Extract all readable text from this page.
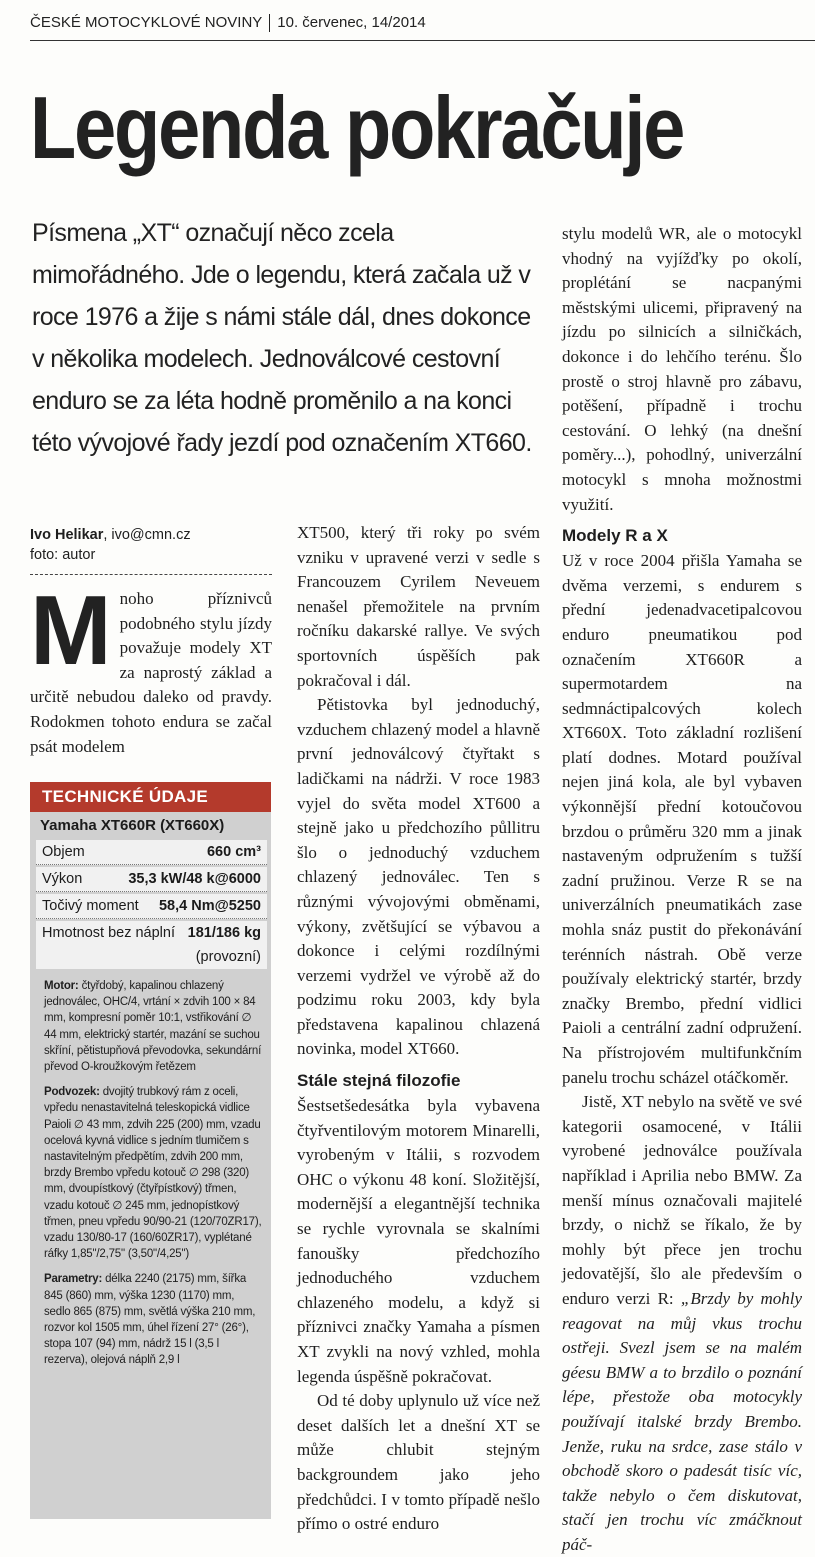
ČESKÉ MOTOCYKLOVÉ NOVINY 10. červenec, 14/2014
Legenda pokračuje
Písmena „XT“ označují něco zcela mimořádného. Jde o legendu, která začala už v roce 1976 a žije s námi stále dál, dnes dokonce v několika modelech. Jednoválcové cestovní enduro se za léta hodně proměnilo a na konci této vývojové řady jezdí pod označením XT660.
Ivo Helikar, ivo@cmn.cz
foto: autor

Mnoho příznivců podobného stylu jízdy považuje modely XT za naprostý základ a určitě nebudou daleko od pravdy. Rodokmen tohoto endura se začal psát modelem

TECHNICKÉ ÚDAJE
Yamaha XT660R (XT660X)
Objem	660 cm³
Výkon	35,3 kW/48 k@6000
Točivý moment 58,4 Nm@5250
Hmotnost bez náplní 181/186 kg
(provozní)
Motor: čtyřdobý, kapalinou chlazený jednoválec, OHC/4, vrtání × zdvih 100 × 84 mm, kompresní poměr 10:1, vstřikování ∅ 44 mm, elektrický startér, mazání se suchou skříní, pětistupňová převodovka, sekundární převod O-kroužkovým řetězem
Podvozek: dvojitý trubkový rám z oceli, vpředu nenastavitelná teleskopická vidlice Paioli ∅ 43 mm, zdvih 225 (200) mm, vzadu ocelová kyvná vidlice s jedním tlumičem s nastavitelným předpětím, zdvih 200 mm, brzdy Brembo vpředu kotouč ∅ 298 (320) mm, dvoupístkový (čtyřpístkový) třmen, vzadu kotouč ∅ 245 mm, jednopístkový třmen, pneu vpředu 90/90-21 (120/70ZR17), vzadu 130/80-17 (160/60ZR17), vyplétané ráfky 1,85"/2,75" (3,50"/4,25")
Parametry: délka 2240 (2175) mm, šířka 845 (860) mm, výška 1230 (1170) mm, sedlo 865 (875) mm, světlá výška 210 mm, rozvor kol 1505 mm, úhel řízení 27° (26°), stopa 107 (94) mm, nádrž 15 l (3,5 l rezerva), olejová náplň 2,9 l

XT500, který tři roky po svém vzniku v upravené verzi v sedle s Francouzem Cyrilem Neveuem nenašel přemožitele na prvním ročníku dakarské rallye. Ve svých sportovních úspěších pak pokračoval i dál.

Pětistovka byl jednoduchý, vzduchem chlazený model a hlavně první jednoválcový čtyřtakt s ladičkami na nádrži. V roce 1983 vyjel do světa model XT600 a stejně jako u předchozího půllitru šlo o jednoduchý vzduchem chlazený jednoválec. Ten s různými vývojovými obměnami, výkony, zvětšující se výbavou a dokonce i celými rozdílnými verzemi vydržel ve výrobě až do podzimu roku 2003, kdy byla představena kapalinou chlazená novinka, model XT660.

Stále stejná filozofie

Šestsetšedesátka byla vybavena čtyřventilovým motorem Minarelli, vyrobeným v Itálii, s rozvodem OHC o výkonu 48 koní. Složitější, modernější a elegantnější technika se rychle vyrovnala se skalními fanoušky předchozího jednoduchého vzduchem chlazeného modelu, a když si příznivci značky Yamaha a písmen XT zvykli na nový vzhled, mohla legenda úspěšně pokračovat.

Od té doby uplynulo už více než deset dalších let a dnešní XT se může chlubit stejným backgroundem jako jeho předchůdci. I v tomto případě nešlo přímo o ostré enduro

stylu modelů WR, ale o motocykl vhodný na vyjížďky po okolí, proplétání se nacpanými městskými ulicemi, připravený na jízdu po silnicích a silničkách, dokonce i do lehčího terénu. Šlo prostě o stroj hlavně pro zábavu, potěšení, případně i trochu cestování. O lehký (na dnešní poměry...), pohodlný, univerzální motocykl s mnoha možnostmi využití.

Modely R a X

Už v roce 2004 přišla Yamaha se dvěma verzemi, s endurem s přední jedenadvacetipalcovou enduro pneumatikou pod označením XT660R a supermotardem na sedmnáctipalcových kolech XT660X. Toto základní rozlišení platí dodnes. Motard používal nejen jiná kola, ale byl vybaven výkonnější přední kotoučovou brzdou o průměru 320 mm a jinak nastaveným odpružením s tužší zadní pružinou. Verze R se na univerzálních pneumatikách zase mohla snáz pustit do překonávání terénních nástrah. Obě verze používaly elektrický startér, brzdy značky Brembo, přední vidlici Paioli a centrální zadní odpružení. Na přístrojovém multifunkčním panelu trochu scházel otáčkoměr.

Jistě, XT nebylo na světě ve své kategorii osamocené, v Itálii vyrobené jednoválce používala například i Aprilia nebo BMW. Za menší mínus označovali majitelé brzdy, o nichž se říkalo, že by mohly být přece jen trochu jedovatější, šlo ale především o enduro verzi R: „Brzdy by mohly reagovat na můj vkus trochu ostřeji. Svezl jsem se na malém géesu BMW a to brzdilo o poznání lépe, přestože oba motocykly používají italské brzdy Brembo. Jenže, ruku na srdce, zase stálo v obchodě skoro o padesát tisíc víc, takže nebylo o čem diskutovat, stačí jen trochu víc zmáčknout páč-
